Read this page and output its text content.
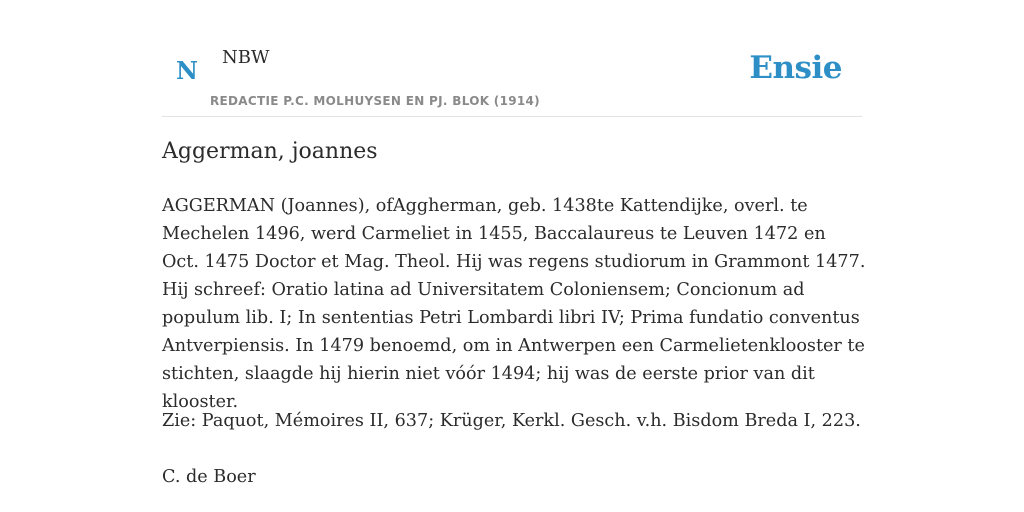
N NBW
REDACTIE P.C. MOLHUYSEN EN PJ. BLOK (1914)
Ensie
Aggerman, joannes

AGGERMAN (Joannes), ofAggherman, geb. 1438te Kattendijke, overl. te Mechelen 1496, werd Carmeliet in 1455, Baccalaureus te Leuven 1472 en Oct. 1475 Doctor et Mag. Theol. Hij was regens studiorum in Grammont 1477. Hij schreef: Oratio latina ad Universitatem Coloniensem; Concionum ad populum lib. I; In sententias Petri Lombardi libri IV; Prima fundatio conventus Antverpiensis. In 1479 benoemd, om in Antwerpen een Carmelietenklooster te stichten, slaagde hij hierin niet vóór 1494; hij was de eerste prior van dit klooster.

Zie: Paquot, Mémoires II, 637; Krüger, Kerkl. Gesch. v.h. Bisdom Breda I, 223.

C. de Boer
